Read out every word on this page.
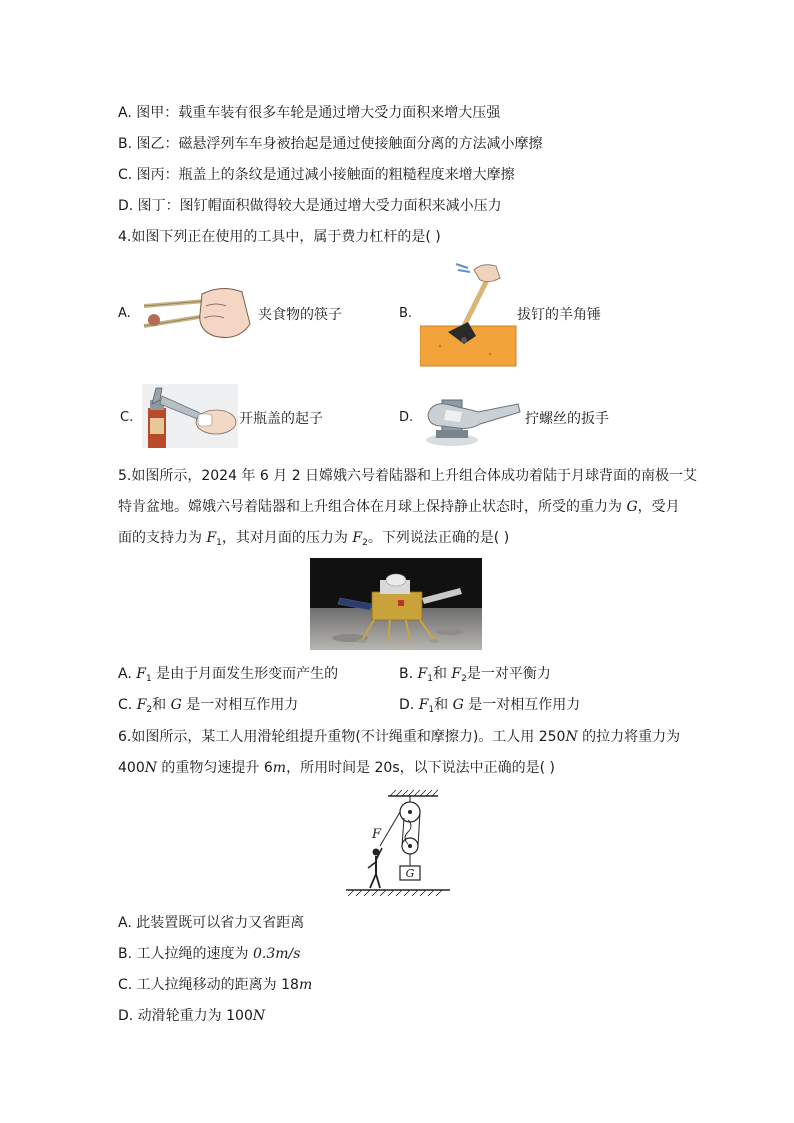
A. 图甲：载重车装有很多车轮是通过增大受力面积来增大压强
B. 图乙：磁悬浮列车车身被抬起是通过使接触面分离的方法减小摩擦
C. 图丙：瓶盖上的条纹是通过减小接触面的粗糙程度来增大摩擦
D. 图丁：图钉帽面积做得较大是通过增大受力面积来减小压力
4.如图下列正在使用的工具中，属于费力杠杆的是( )
A.	夹食物的筷子	B.	拔钉的羊角锤
C.	开瓶盖的起子	D.	拧螺丝的扳手
5.如图所示，2024 年 6 月 2 日嫦娥六号着陆器和上升组合体成功着陆于月球背面的南极一艾
特肯盆地。嫦娥六号着陆器和上升组合体在月球上保持静止状态时，所受的重力为 G，受月
面的支持力为 $F_1$，其对月面的压力为 $F_2$。下列说法正确的是( )
A. $F_1$ 是由于月面发生形变而产生的	B. $F_1$和 $F_2$是一对平衡力
C. $F_2$和 G 是一对相互作用力	D. $F_1$和 G 是一对相互作用力
6.如图所示，某工人用滑轮组提升重物(不计绳重和摩擦力)。工人用 250N 的拉力将重力为
400N 的重物匀速提升 6m，所用时间是 20s，以下说法中正确的是( )
G
F
A. 此装置既可以省力又省距离
B. 工人拉绳的速度为 0.3m/s
C. 工人拉绳移动的距离为 18m
D. 动滑轮重力为 100N
